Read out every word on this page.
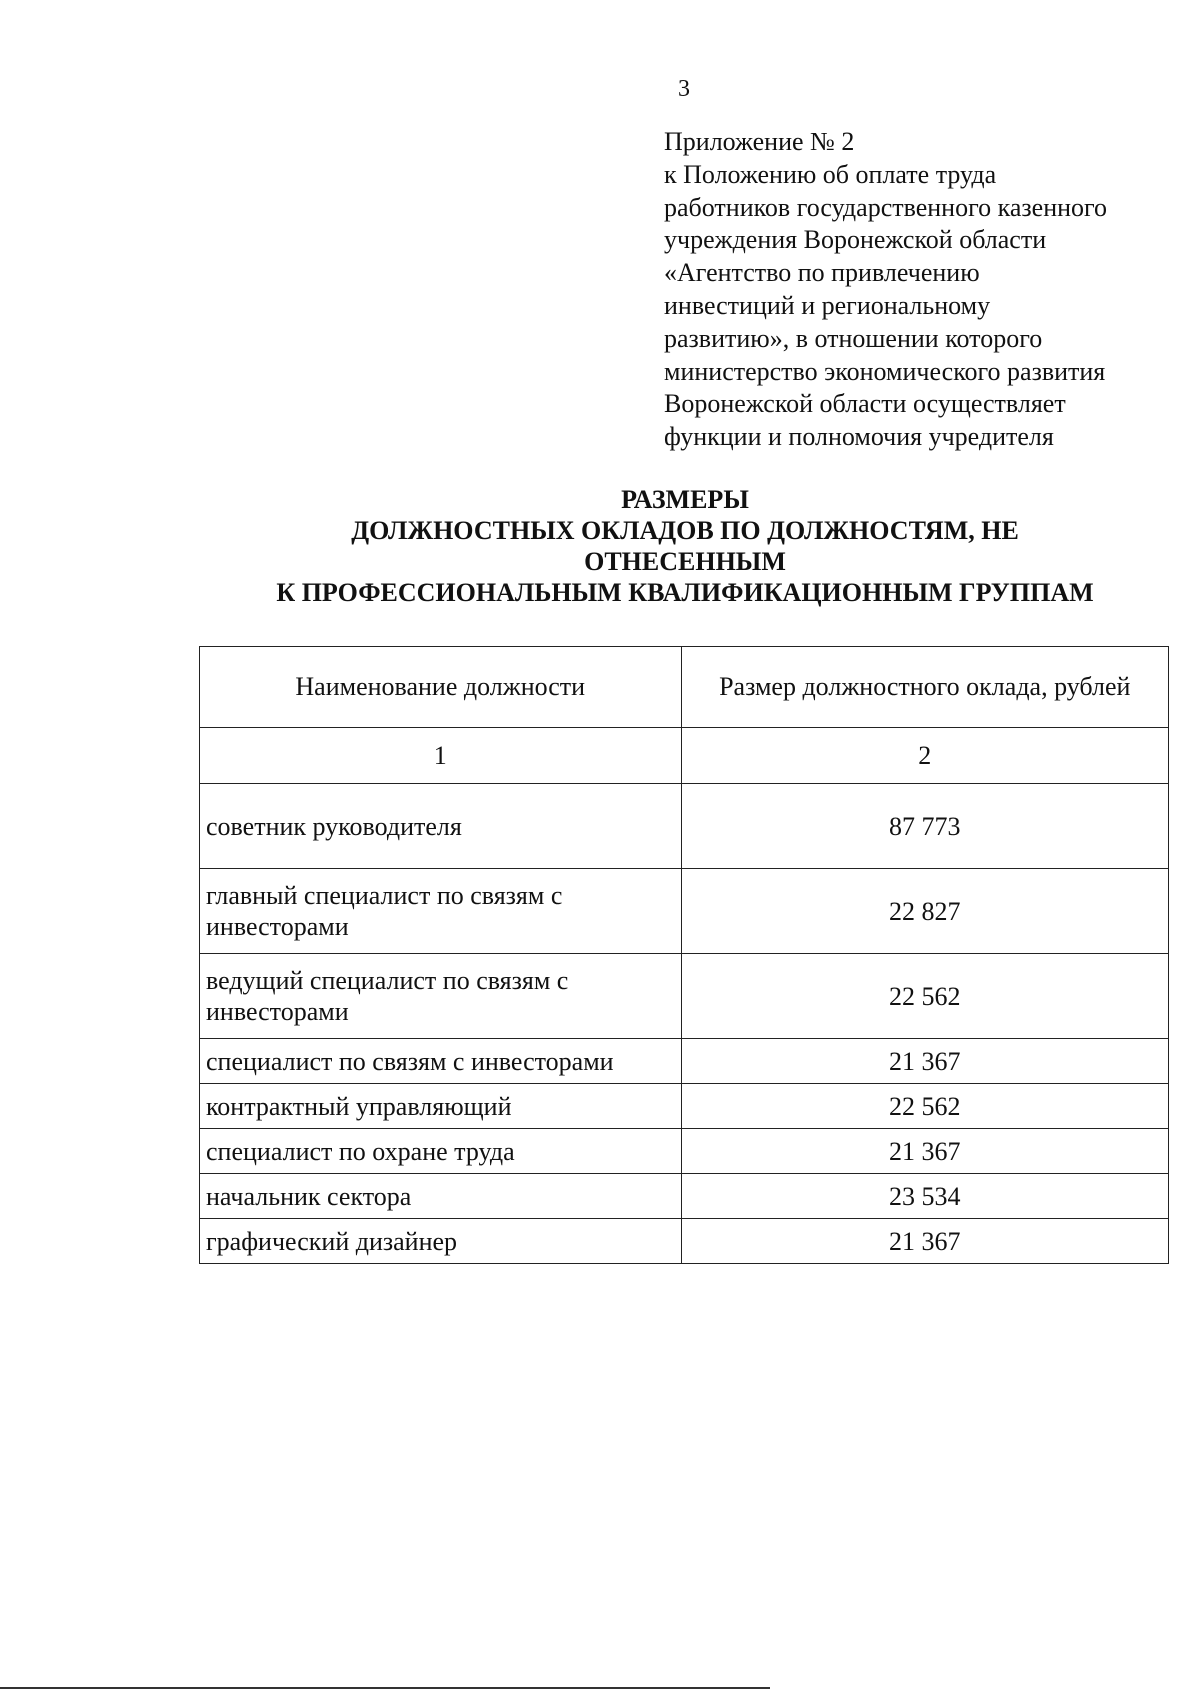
3
Приложение № 2
к Положению об оплате труда
работников государственного казенного
учреждения Воронежской области
«Агентство по привлечению
инвестиций и региональному
развитию», в отношении которого
министерство экономического развития
Воронежской области осуществляет
функции и полномочия учредителя
РАЗМЕРЫ
ДОЛЖНОСТНЫХ ОКЛАДОВ ПО ДОЛЖНОСТЯМ, НЕ
ОТНЕСЕННЫМ
К ПРОФЕССИОНАЛЬНЫМ КВАЛИФИКАЦИОННЫМ ГРУППАМ
Наименование должности	Размер должностного оклада, рублей
1	2
советник руководителя	87 773
главный специалист по связям с инвесторами	22 827
ведущий специалист по связям с инвесторами	22 562
специалист по связям с инвесторами	21 367
контрактный управляющий	22 562
специалист по охране труда	21 367
начальник сектора	23 534
графический дизайнер	21 367
